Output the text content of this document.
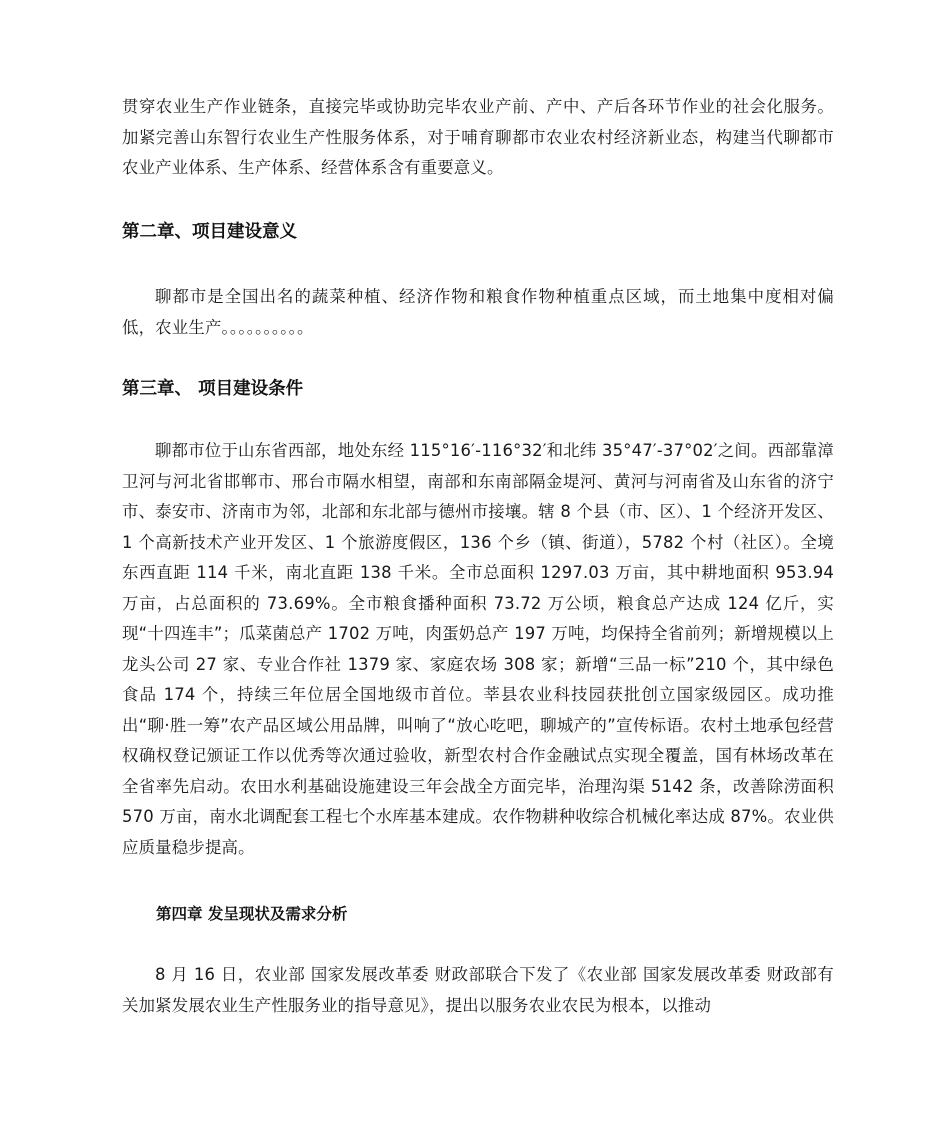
贯穿农业生产作业链条，直接完毕或协助完毕农业产前、产中、产后各环节作业的社会化服务。加紧完善山东智行农业生产性服务体系，对于哺育聊都市农业农村经济新业态，构建当代聊都市农业产业体系、生产体系、经营体系含有重要意义。

第二章、项目建设意义

聊都市是全国出名的蔬菜种植、经济作物和粮食作物种植重点区域，而土地集中度相对偏低，农业生产。。。。。。。。。。

第三章、 项目建设条件

聊都市位于山东省西部，地处东经 115°16′-116°32′和北纬 35°47′-37°02′之间。西部靠漳卫河与河北省邯郸市、邢台市隔水相望，南部和东南部隔金堤河、黄河与河南省及山东省的济宁市、泰安市、济南市为邻，北部和东北部与德州市接壤。辖 8 个县（市、区）、1 个经济开发区、1 个高新技术产业开发区、1 个旅游度假区，136 个乡（镇、街道），5782 个村（社区）。全境东西直距 114 千米，南北直距 138 千米。全市总面积 1297.03 万亩，其中耕地面积 953.94 万亩，占总面积的 73.69%。全市粮食播种面积 73.72 万公顷，粮食总产达成 124 亿斤，实现“十四连丰”；瓜菜菌总产 1702 万吨，肉蛋奶总产 197 万吨，均保持全省前列；新增规模以上龙头公司 27 家、专业合作社 1379 家、家庭农场 308 家；新增“三品一标”210 个，其中绿色食品 174 个，持续三年位居全国地级市首位。莘县农业科技园获批创立国家级园区。成功推出“聊·胜一筹”农产品区域公用品牌，叫响了“放心吃吧，聊城产的”宣传标语。农村土地承包经营权确权登记颁证工作以优秀等次通过验收，新型农村合作金融试点实现全覆盖，国有林场改革在全省率先启动。农田水利基础设施建设三年会战全方面完毕，治理沟渠 5142 条，改善除涝面积 570 万亩，南水北调配套工程七个水库基本建成。农作物耕种收综合机械化率达成 87%。农业供应质量稳步提高。

第四章 发呈现状及需求分析

8 月 16 日，农业部 国家发展改革委 财政部联合下发了《农业部 国家发展改革委 财政部有关加紧发展农业生产性服务业的指导意见》，提出以服务农业农民为根本，以推动
